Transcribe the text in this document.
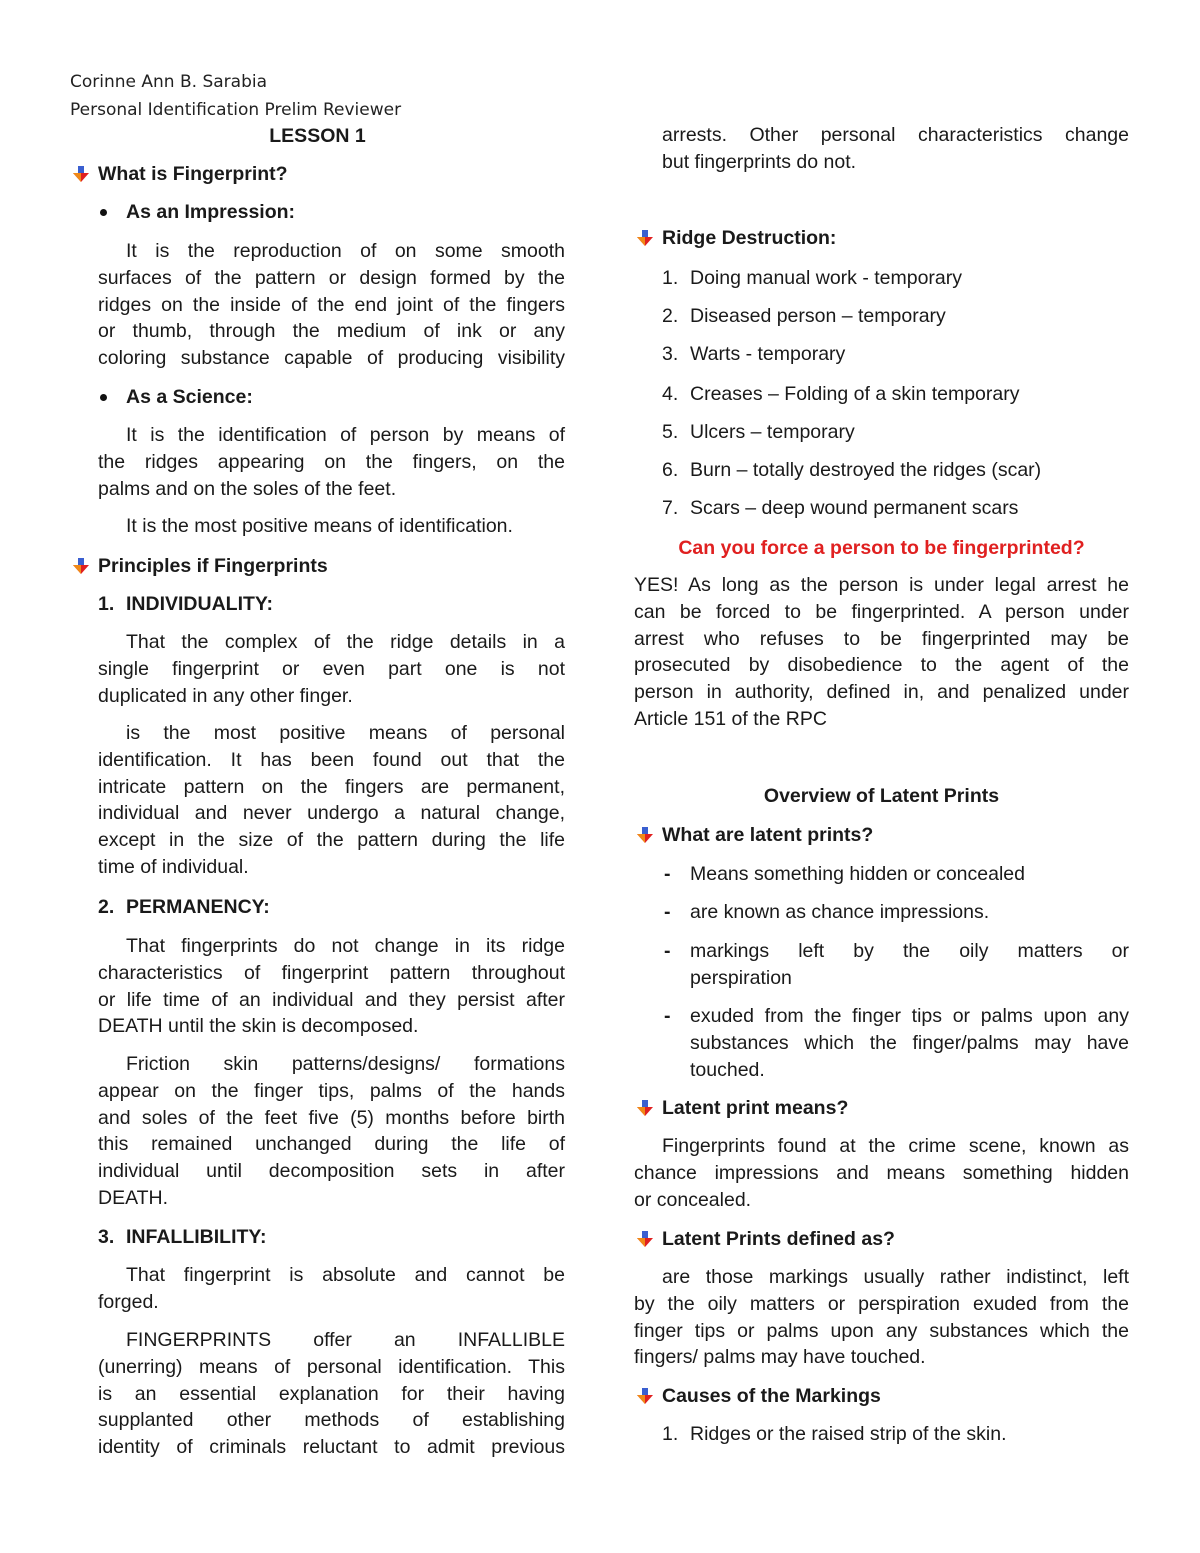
Corinne Ann B. Sarabia
Personal Identification Prelim Reviewer
LESSON 1
What is Fingerprint?
As an Impression:
It is the reproduction of on some smooth
surfaces of the pattern or design formed by the
ridges on the inside of the end joint of the fingers
or thumb, through the medium of ink or any
coloring substance capable of producing visibility
As a Science:
It is the identification of person by means of
the ridges appearing on the fingers, on the
palms and on the soles of the feet.
It is the most positive means of identification.
Principles if Fingerprints
1. INDIVIDUALITY:
That the complex of the ridge details in a
single fingerprint or even part one is not
duplicated in any other finger.
is the most positive means of personal
identification. It has been found out that the
intricate pattern on the fingers are permanent,
individual and never undergo a natural change,
except in the size of the pattern during the life
time of individual.
2. PERMANENCY:
That fingerprints do not change in its ridge
characteristics of fingerprint pattern throughout
or life time of an individual and they persist after
DEATH until the skin is decomposed.
Friction skin patterns/designs/ formations
appear on the finger tips, palms of the hands
and soles of the feet five (5) months before birth
this remained unchanged during the life of
individual until decomposition sets in after
DEATH.
3. INFALLIBILITY:
That fingerprint is absolute and cannot be
forged.
FINGERPRINTS offer an INFALLIBLE
(unerring) means of personal identification. This
is an essential explanation for their having
supplanted other methods of establishing
identity of criminals reluctant to admit previous
arrests. Other personal characteristics change
but fingerprints do not.
Ridge Destruction:
1. Doing manual work - temporary
2. Diseased person – temporary
3. Warts - temporary
4. Creases – Folding of a skin temporary
5. Ulcers – temporary
6. Burn – totally destroyed the ridges (scar)
7. Scars – deep wound permanent scars
Can you force a person to be fingerprinted?
YES! As long as the person is under legal arrest he
can be forced to be fingerprinted. A person under
arrest who refuses to be fingerprinted may be
prosecuted by disobedience to the agent of the
person in authority, defined in, and penalized under
Article 151 of the RPC
Overview of Latent Prints
What are latent prints?
- Means something hidden or concealed
- are known as chance impressions.
- markings left by the oily matters or
perspiration
- exuded from the finger tips or palms upon any
substances which the finger/palms may have
touched.
Latent print means?
Fingerprints found at the crime scene, known as
chance impressions and means something hidden
or concealed.
Latent Prints defined as?
are those markings usually rather indistinct, left
by the oily matters or perspiration exuded from the
finger tips or palms upon any substances which the
fingers/ palms may have touched.
Causes of the Markings
1. Ridges or the raised strip of the skin.
